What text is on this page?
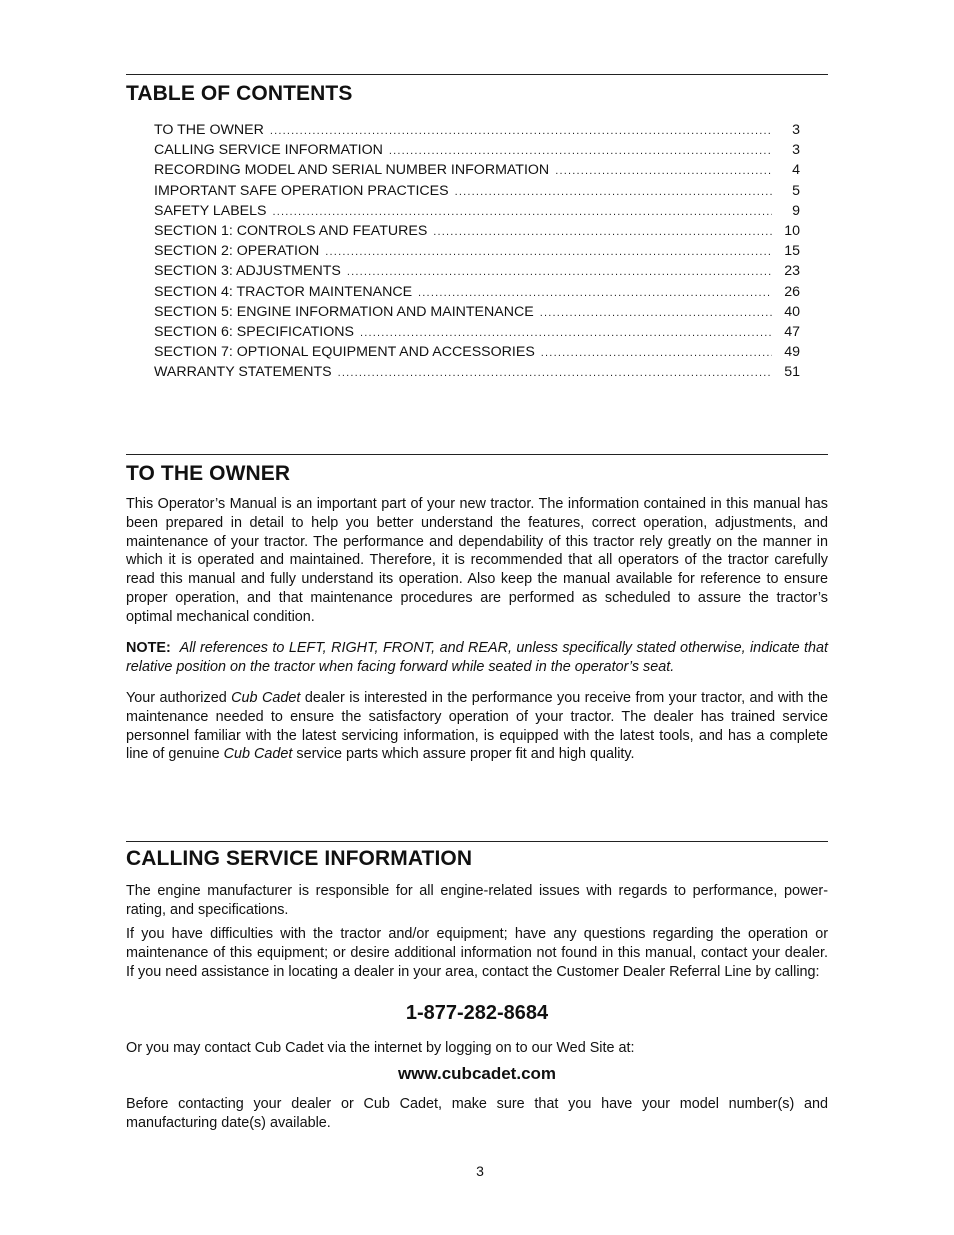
TABLE OF CONTENTS
TO THE OWNER .....	3
CALLING SERVICE INFORMATION .....	3
RECORDING MODEL AND SERIAL NUMBER INFORMATION .....	4
IMPORTANT SAFE OPERATION PRACTICES .....	5
SAFETY LABELS .....	9
SECTION 1: CONTROLS AND FEATURES .....	10
SECTION 2: OPERATION .....	15
SECTION 3: ADJUSTMENTS .....	23
SECTION 4: TRACTOR MAINTENANCE .....	26
SECTION 5: ENGINE INFORMATION AND MAINTENANCE .....	40
SECTION 6: SPECIFICATIONS .....	47
SECTION 7: OPTIONAL EQUIPMENT AND ACCESSORIES .....	49
WARRANTY STATEMENTS .....	51
TO THE OWNER

This Operator’s Manual is an important part of your new tractor. The information contained in this manual has been prepared in detail to help you better understand the features, correct operation, adjustments, and maintenance of your tractor. The performance and dependability of this tractor rely greatly on the manner in which it is operated and maintained. Therefore, it is recommended that all operators of the tractor carefully read this manual and fully understand its operation. Also keep the manual available for reference to ensure proper operation, and that maintenance procedures are performed as scheduled to assure the tractor’s optimal mechanical condition.

NOTE: All references to LEFT, RIGHT, FRONT, and REAR, unless specifically stated otherwise, indicate that relative position on the tractor when facing forward while seated in the operator’s seat.

Your authorized Cub Cadet dealer is interested in the performance you receive from your tractor, and with the maintenance needed to ensure the satisfactory operation of your tractor. The dealer has trained service personnel familiar with the latest servicing information, is equipped with the latest tools, and has a complete line of genuine Cub Cadet service parts which assure proper fit and high quality.

CALLING SERVICE INFORMATION

The engine manufacturer is responsible for all engine-related issues with regards to performance, power-rating, and specifications.

If you have difficulties with the tractor and/or equipment; have any questions regarding the operation or maintenance of this equipment; or desire additional information not found in this manual, contact your dealer. If you need assistance in locating a dealer in your area, contact the Customer Dealer Referral Line by calling:

1-877-282-8684

Or you may contact Cub Cadet via the internet by logging on to our Wed Site at:

www.cubcadet.com

Before contacting your dealer or Cub Cadet, make sure that you have your model number(s) and manufacturing date(s) available.

3
